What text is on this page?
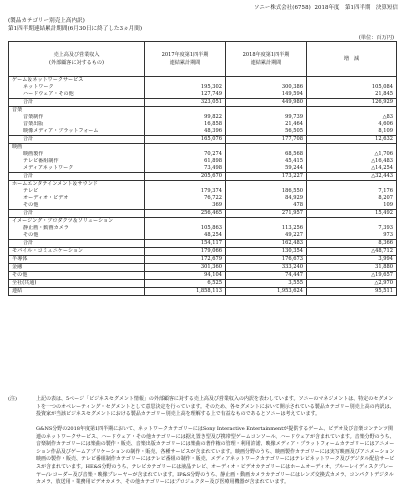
ソニー株式会社(6758) 2018年度　第1四半期　決算短信
(製品カテゴリー別売上高内訳)
第1四半期連結累計期間(6月30日に終了した3ヵ月間)
(単位：百万円)
売上高及び営業収入
(外部顧客に対するもの)	2017年度第1四半期
連結累計期間	2018年度第1四半期
連結累計期間	増　減
ゲーム＆ネットワークサービス			
ネットワーク	195,302	300,386	105,084
ハードウェア・その他	127,749	149,594	21,845
合計	323,051	449,980	126,929
音楽			
音楽制作	99,822	99,739	△83
音楽出版	16,858	21,464	4,606
映像メディア・プラットフォーム	48,396	56,505	8,109
合計	165,076	177,708	12,632
映画			
映画製作	70,274	68,568	△1,706
テレビ番組制作	61,898	45,415	△16,483
メディアネットワーク	73,498	59,244	△14,254
合計	205,670	173,227	△32,443
ホームエンタテインメント＆サウンド			
テレビ	179,374	186,550	7,176
オーディオ・ビデオ	76,722	84,929	8,207
その他	369	478	109
合計	256,465	271,957	15,492
イメージング・プロダクツ＆ソリューション			
静止画・動画カメラ	105,863	113,256	7,393
その他	48,254	49,227	973
合計	154,117	162,483	8,366
モバイル・コミュニケーション	179,066	130,354	△48,712
半導体	172,679	176,673	3,994
金融	301,360	333,240	31,880
その他	94,104	74,447	△19,657
全社(共通)	6,525	3,555	△2,970
連結	1,858,113	1,953,624	95,511
(注)	上記の表は、5ページ「ビジネスセグメント情報」の外部顧客に対する売上高及び営業収入の内訳を表わしています。ソニーのマネジメントは、特定のセグメントを一つのオペレーティング・セグメントとして意思決定を行っています。そのため、各セグメントにおいて開示されている製品カテゴリー別売上高の内訳は、投資家が当該ビジネスセグメントにおける製品カテゴリー別売上高を理解する上で有益なものであるとソニーは考えています。
G&NS分野の2018年度第1四半期において、ネットワークカテゴリーにはSony Interactive Entertainmentが提供するゲーム、ビデオ及び音楽コンテンツ関連のネットワークサービス、ハードウェア・その他カテゴリーには据え置き型及び携帯型ゲームコンソール、ハードウェアが含まれています。音楽分野のうち、音楽制作カテゴリーには楽曲の製作・販売、音楽出版カテゴリーには楽曲の著作権の管理・利用許諾、映像メディア・プラットフォームカテゴリーにはアニメーション作品及びゲームアプリケーションの制作・販売、各種サービスが含まれています。映画分野のうち、映画製作カテゴリーには実写映画及びアニメーション映画の製作・販売、テレビ番組制作カテゴリーにはテレビ番組の制作・販売、メディアネットワークカテゴリーにはテレビネットワーク及びデジタル配信サービスが含まれています。HE&S分野のうち、テレビカテゴリーには液晶テレビ、オーディオ・ビデオカテゴリーにはホームオーディオ、ブルーレイディスクプレーヤー/レコーダー及び音楽・映像プレーヤーが含まれています。IP&S分野のうち、静止画・動画カメラカテゴリーにはレンズ交換式カメラ、コンパクトデジタルカメラ、放送用・業務用ビデオカメラ、その他カテゴリーにはプロジェクター及び医療用機器が含まれています。
